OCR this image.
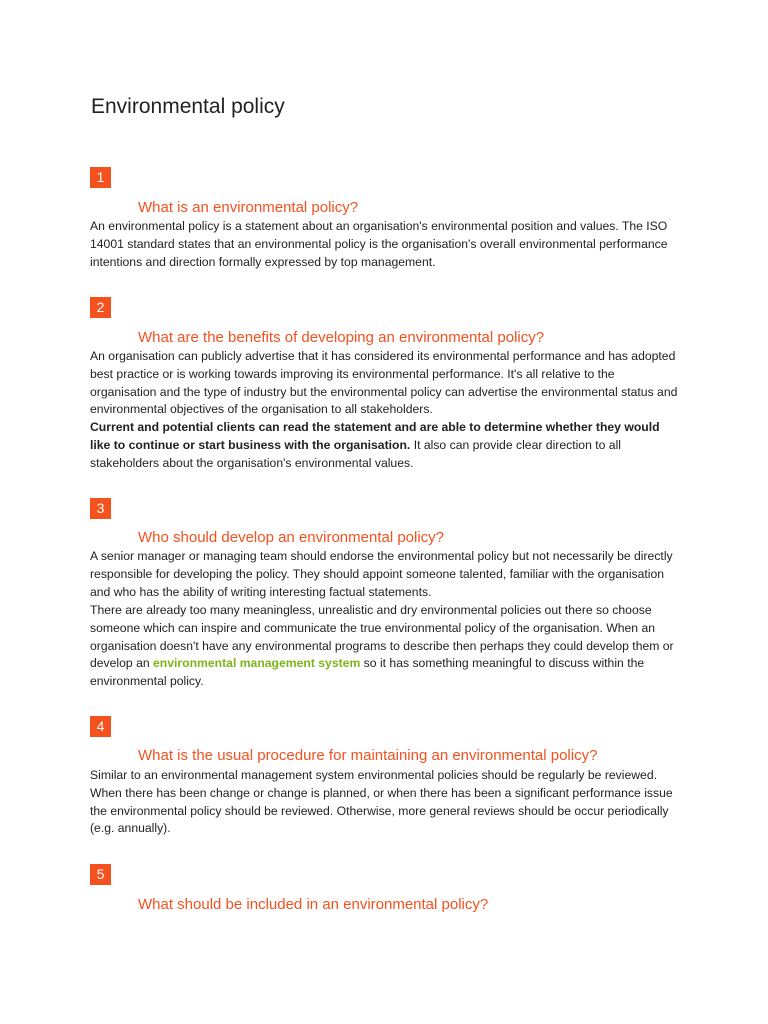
Environmental policy
1
What is an environmental policy?

An environmental policy is a statement about an organisation's environmental position and values. The ISO 14001 standard states that an environmental policy is the organisation's overall environmental performance intentions and direction formally expressed by top management.

2
What are the benefits of developing an environmental policy?

An organisation can publicly advertise that it has considered its environmental performance and has adopted best practice or is working towards improving its environmental performance. It's all relative to the organisation and the type of industry but the environmental policy can advertise the environmental status and environmental objectives of the organisation to all stakeholders.

Current and potential clients can read the statement and are able to determine whether they would like to continue or start business with the organisation. It also can provide clear direction to all stakeholders about the organisation's environmental values.

3
Who should develop an environmental policy?

A senior manager or managing team should endorse the environmental policy but not necessarily be directly responsible for developing the policy. They should appoint someone talented, familiar with the organisation and who has the ability of writing interesting factual statements.

There are already too many meaningless, unrealistic and dry environmental policies out there so choose someone which can inspire and communicate the true environmental policy of the organisation. When an organisation doesn't have any environmental programs to describe then perhaps they could develop them or develop an environmental management system so it has something meaningful to discuss within the environmental policy.

4
What is the usual procedure for maintaining an environmental policy?

Similar to an environmental management system environmental policies should be regularly be reviewed. When there has been change or change is planned, or when there has been a significant performance issue the environmental policy should be reviewed. Otherwise, more general reviews should be occur periodically (e.g. annually).

5
What should be included in an environmental policy?
